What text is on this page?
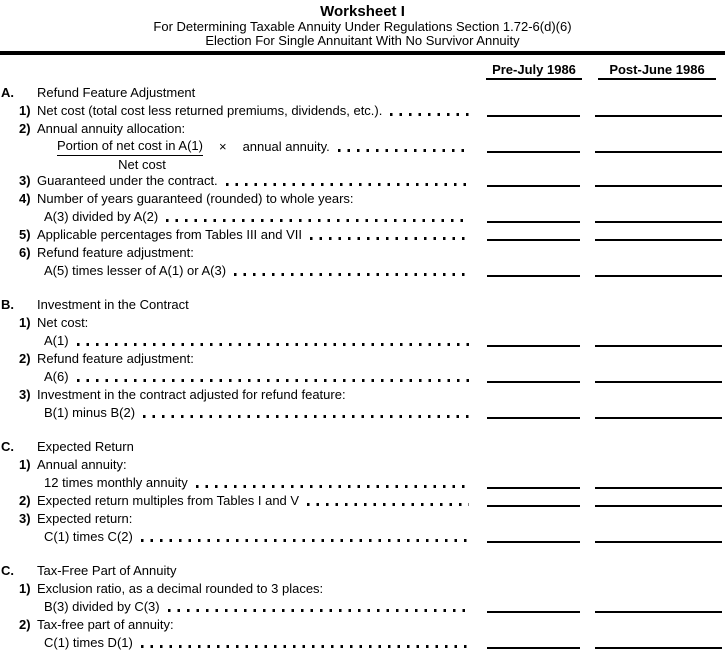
Worksheet I
For Determining Taxable Annuity Under Regulations Section 1.72-6(d)(6)
Election For Single Annuitant With No Survivor Annuity
Pre-July 1986	Post-June 1986
A.	Refund Feature Adjustment
1) Net cost (total cost less returned premiums, dividends, etc.).
2) Annual annuity allocation:
Portion of net cost in A(1) × annual annuity.
Net cost
3) Guaranteed under the contract.
4) Number of years guaranteed (rounded) to whole years:
A(3) divided by A(2)
5) Applicable percentages from Tables III and VII
6) Refund feature adjustment:
A(5) times lesser of A(1) or A(3)
B.	Investment in the Contract
1) Net cost:
A(1)
2) Refund feature adjustment:
A(6)
3) Investment in the contract adjusted for refund feature:
B(1) minus B(2)
C.	Expected Return
1) Annual annuity:
12 times monthly annuity
2) Expected return multiples from Tables I and V
3) Expected return:
C(1) times C(2)
C.	Tax-Free Part of Annuity
1) Exclusion ratio, as a decimal rounded to 3 places:
B(3) divided by C(3)
2) Tax-free part of annuity:
C(1) times D(1)
